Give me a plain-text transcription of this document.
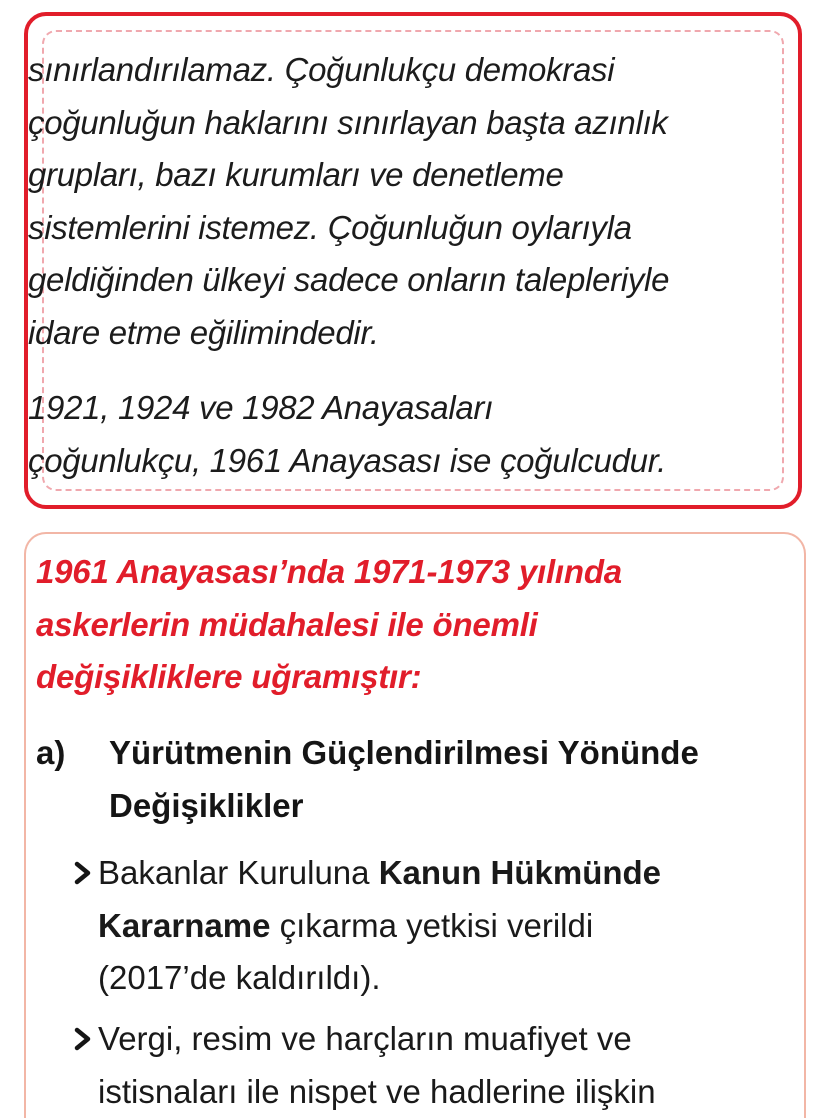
sınırlandırılamaz. Çoğunlukçu demokrasi
çoğunluğun haklarını sınırlayan başta azınlık
grupları, bazı kurumları ve denetleme
sistemlerini istemez. Çoğunluğun oylarıyla
geldiğinden ülkeyi sadece onların talepleriyle
idare etme eğilimindedir.

1921, 1924 ve 1982 Anayasaları
çoğunlukçu, 1961 Anayasası ise çoğulcudur.

1961 Anayasası’nda 1971-1973 yılında
askerlerin müdahalesi ile önemli
değişikliklere uğramıştır:

a) Yürütmenin Güçlendirilmesi Yönünde
Değişiklikler
Bakanlar Kuruluna Kanun Hükmünde
Kararname çıkarma yetkisi verildi
(2017’de kaldırıldı).
Vergi, resim ve harçların muafiyet ve
istisnaları ile nispet ve hadlerine ilişkin
